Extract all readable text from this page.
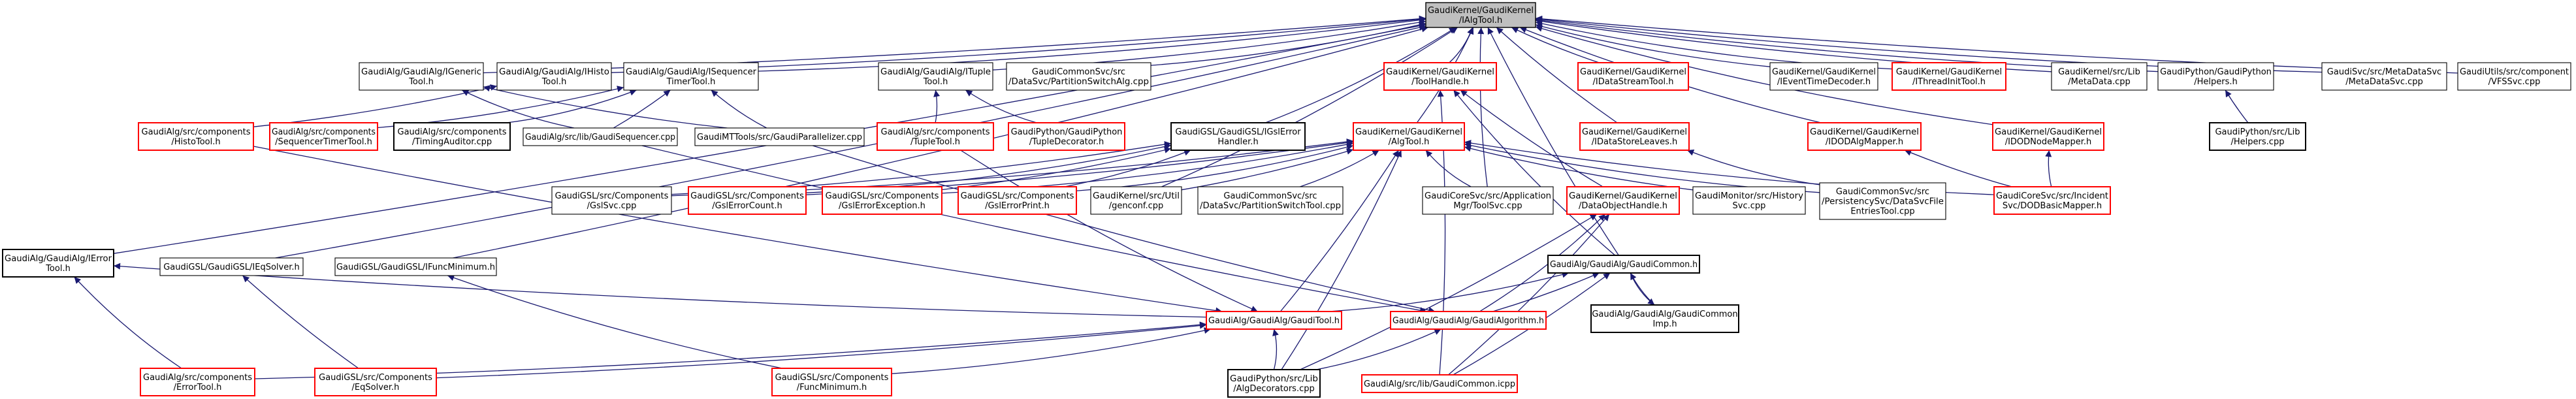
GaudiKernel/GaudiKernel /IAlgTool.h
GaudiAlg/GaudiAlg/IGeneric Tool.h
GaudiAlg/GaudiAlg/IHisto Tool.h
GaudiAlg/GaudiAlg/ISequencer TimerTool.h
GaudiAlg/GaudiAlg/ITuple Tool.h
GaudiCommonSvc/src /DataSvc/PartitionSwitchAlg.cpp
GaudiKernel/GaudiKernel /ToolHandle.h
GaudiKernel/GaudiKernel /IDataStreamTool.h
GaudiKernel/GaudiKernel /IEventTimeDecoder.h
GaudiKernel/GaudiKernel /IThreadInitTool.h
GaudiKernel/src/Lib /MetaData.cpp
GaudiPython/GaudiPython /Helpers.h
GaudiSvc/src/MetaDataSvc /MetaDataSvc.cpp
GaudiUtils/src/component /VFSSvc.cpp
GaudiAlg/src/components /HistoTool.h
GaudiAlg/src/components /SequencerTimerTool.h
GaudiAlg/src/components /TimingAuditor.cpp	GaudiAlg/src/lib/GaudiSequencer.cpp	GaudiMTTools/src/GaudiParallelizer.cpp
GaudiAlg/src/components /TupleTool.h
GaudiPython/GaudiPython /TupleDecorator.h
GaudiGSL/GaudiGSL/IGslError Handler.h
GaudiKernel/GaudiKernel /AlgTool.h
GaudiKernel/GaudiKernel /IDataStoreLeaves.h
GaudiKernel/GaudiKernel /IDODAlgMapper.h
GaudiKernel/GaudiKernel /IDODNodeMapper.h
GaudiPython/src/Lib /Helpers.cpp
GaudiGSL/src/Components /GslSvc.cpp
GaudiGSL/src/Components /GslErrorCount.h
GaudiGSL/src/Components /GslErrorException.h
GaudiGSL/src/Components /GslErrorPrint.h
GaudiKernel/src/Util /genconf.cpp
GaudiCommonSvc/src /DataSvc/PartitionSwitchTool.cpp
GaudiCoreSvc/src/Application Mgr/ToolSvc.cpp
GaudiKernel/GaudiKernel /DataObjectHandle.h
GaudiMonitor/src/History Svc.cpp
GaudiCommonSvc/src /PersistencySvc/DataSvcFile EntriesTool.cpp
GaudiCoreSvc/src/Incident Svc/DODBasicMapper.h
GaudiAlg/GaudiAlg/IError Tool.h	GaudiGSL/GaudiGSL/IEqSolver.h	GaudiGSL/GaudiGSL/IFuncMinimum.h	GaudiAlg/GaudiAlg/GaudiCommon.h
GaudiAlg/GaudiAlg/GaudiTool.h	GaudiAlg/GaudiAlg/GaudiAlgorithm.h
GaudiAlg/GaudiAlg/GaudiCommon Imp.h
GaudiAlg/src/components /ErrorTool.h
GaudiGSL/src/Components /EqSolver.h
GaudiGSL/src/Components /FuncMinimum.h
GaudiPython/src/Lib /AlgDecorators.cpp	GaudiAlg/src/lib/GaudiCommon.icpp
